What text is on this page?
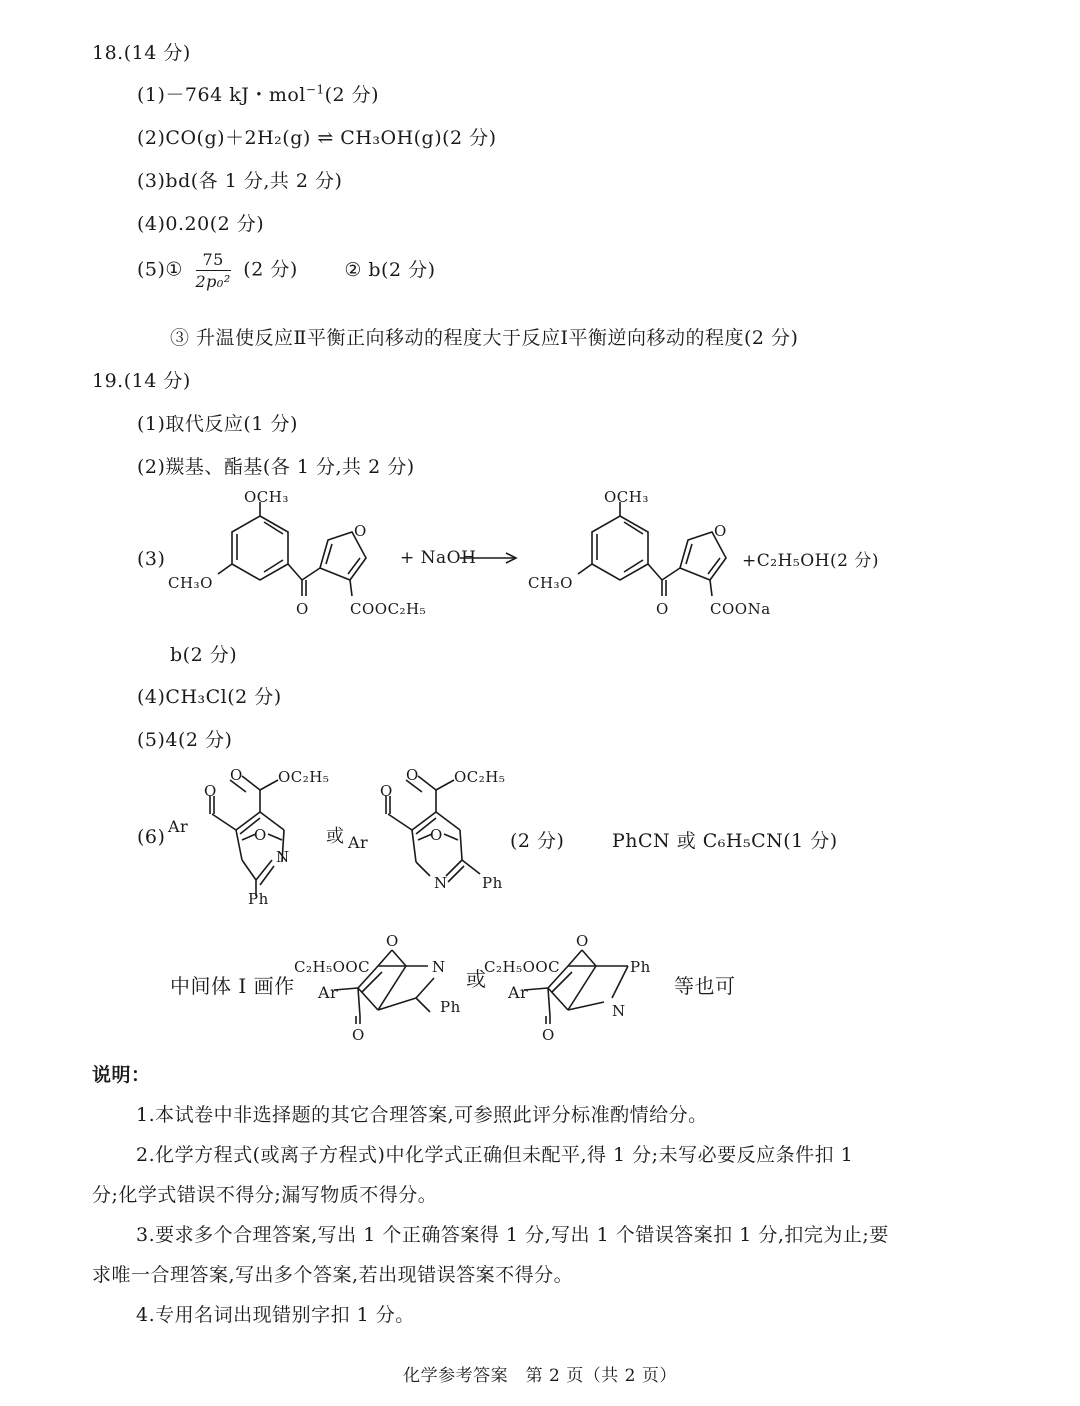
18.(14 分)
(1)－764 kJ・mol$^{-1}$(2 分)
(2)CO(g)＋2H₂(g) ⇌ CH₃OH(g)(2 分)
(3)bd(各 1 分,共 2 分)
(4)0.20(2 分)
(5)① $\frac{75}{\text{2p₀²}} (2$ 分) ② b(2 分)
③ 升温使反应Ⅱ平衡正向移动的程度大于反应Ⅰ平衡逆向移动的程度(2 分)
19.(14 分)
(1)取代反应(1 分)
(2)羰基、酯基(各 1 分,共 2 分)
(3)
OCH₃
CH₃O
O
O
COOC₂H₅
+ NaOH
OCH₃
CH₃O
O
O
COONa
+C₂H₅OH(2 分)
b(2 分)
(4)CH₃Cl(2 分)
(5)4(2 分)
(6)
O OC₂H₅
O
Ar	O
N
Ph
或
O OC₂H₅
O
Ar	O
N Ph
(2 分)	PhCN 或 C₆H₅CN(1 分)
中间体 I 画作
C₂H₅OOC
O
N
Ar
O
Ph
或
C₂H₅OOC
O
Ph
Ar
N
O
等也可
说明：
1.本试卷中非选择题的其它合理答案,可参照此评分标准酌情给分。
2.化学方程式(或离子方程式)中化学式正确但未配平,得 1 分;未写必要反应条件扣 1
分;化学式错误不得分;漏写物质不得分。
3.要求多个合理答案,写出 1 个正确答案得 1 分,写出 1 个错误答案扣 1 分,扣完为止;要
求唯一合理答案,写出多个答案,若出现错误答案不得分。
4.专用名词出现错别字扣 1 分。
化学参考答案　第 2 页（共 2 页）
